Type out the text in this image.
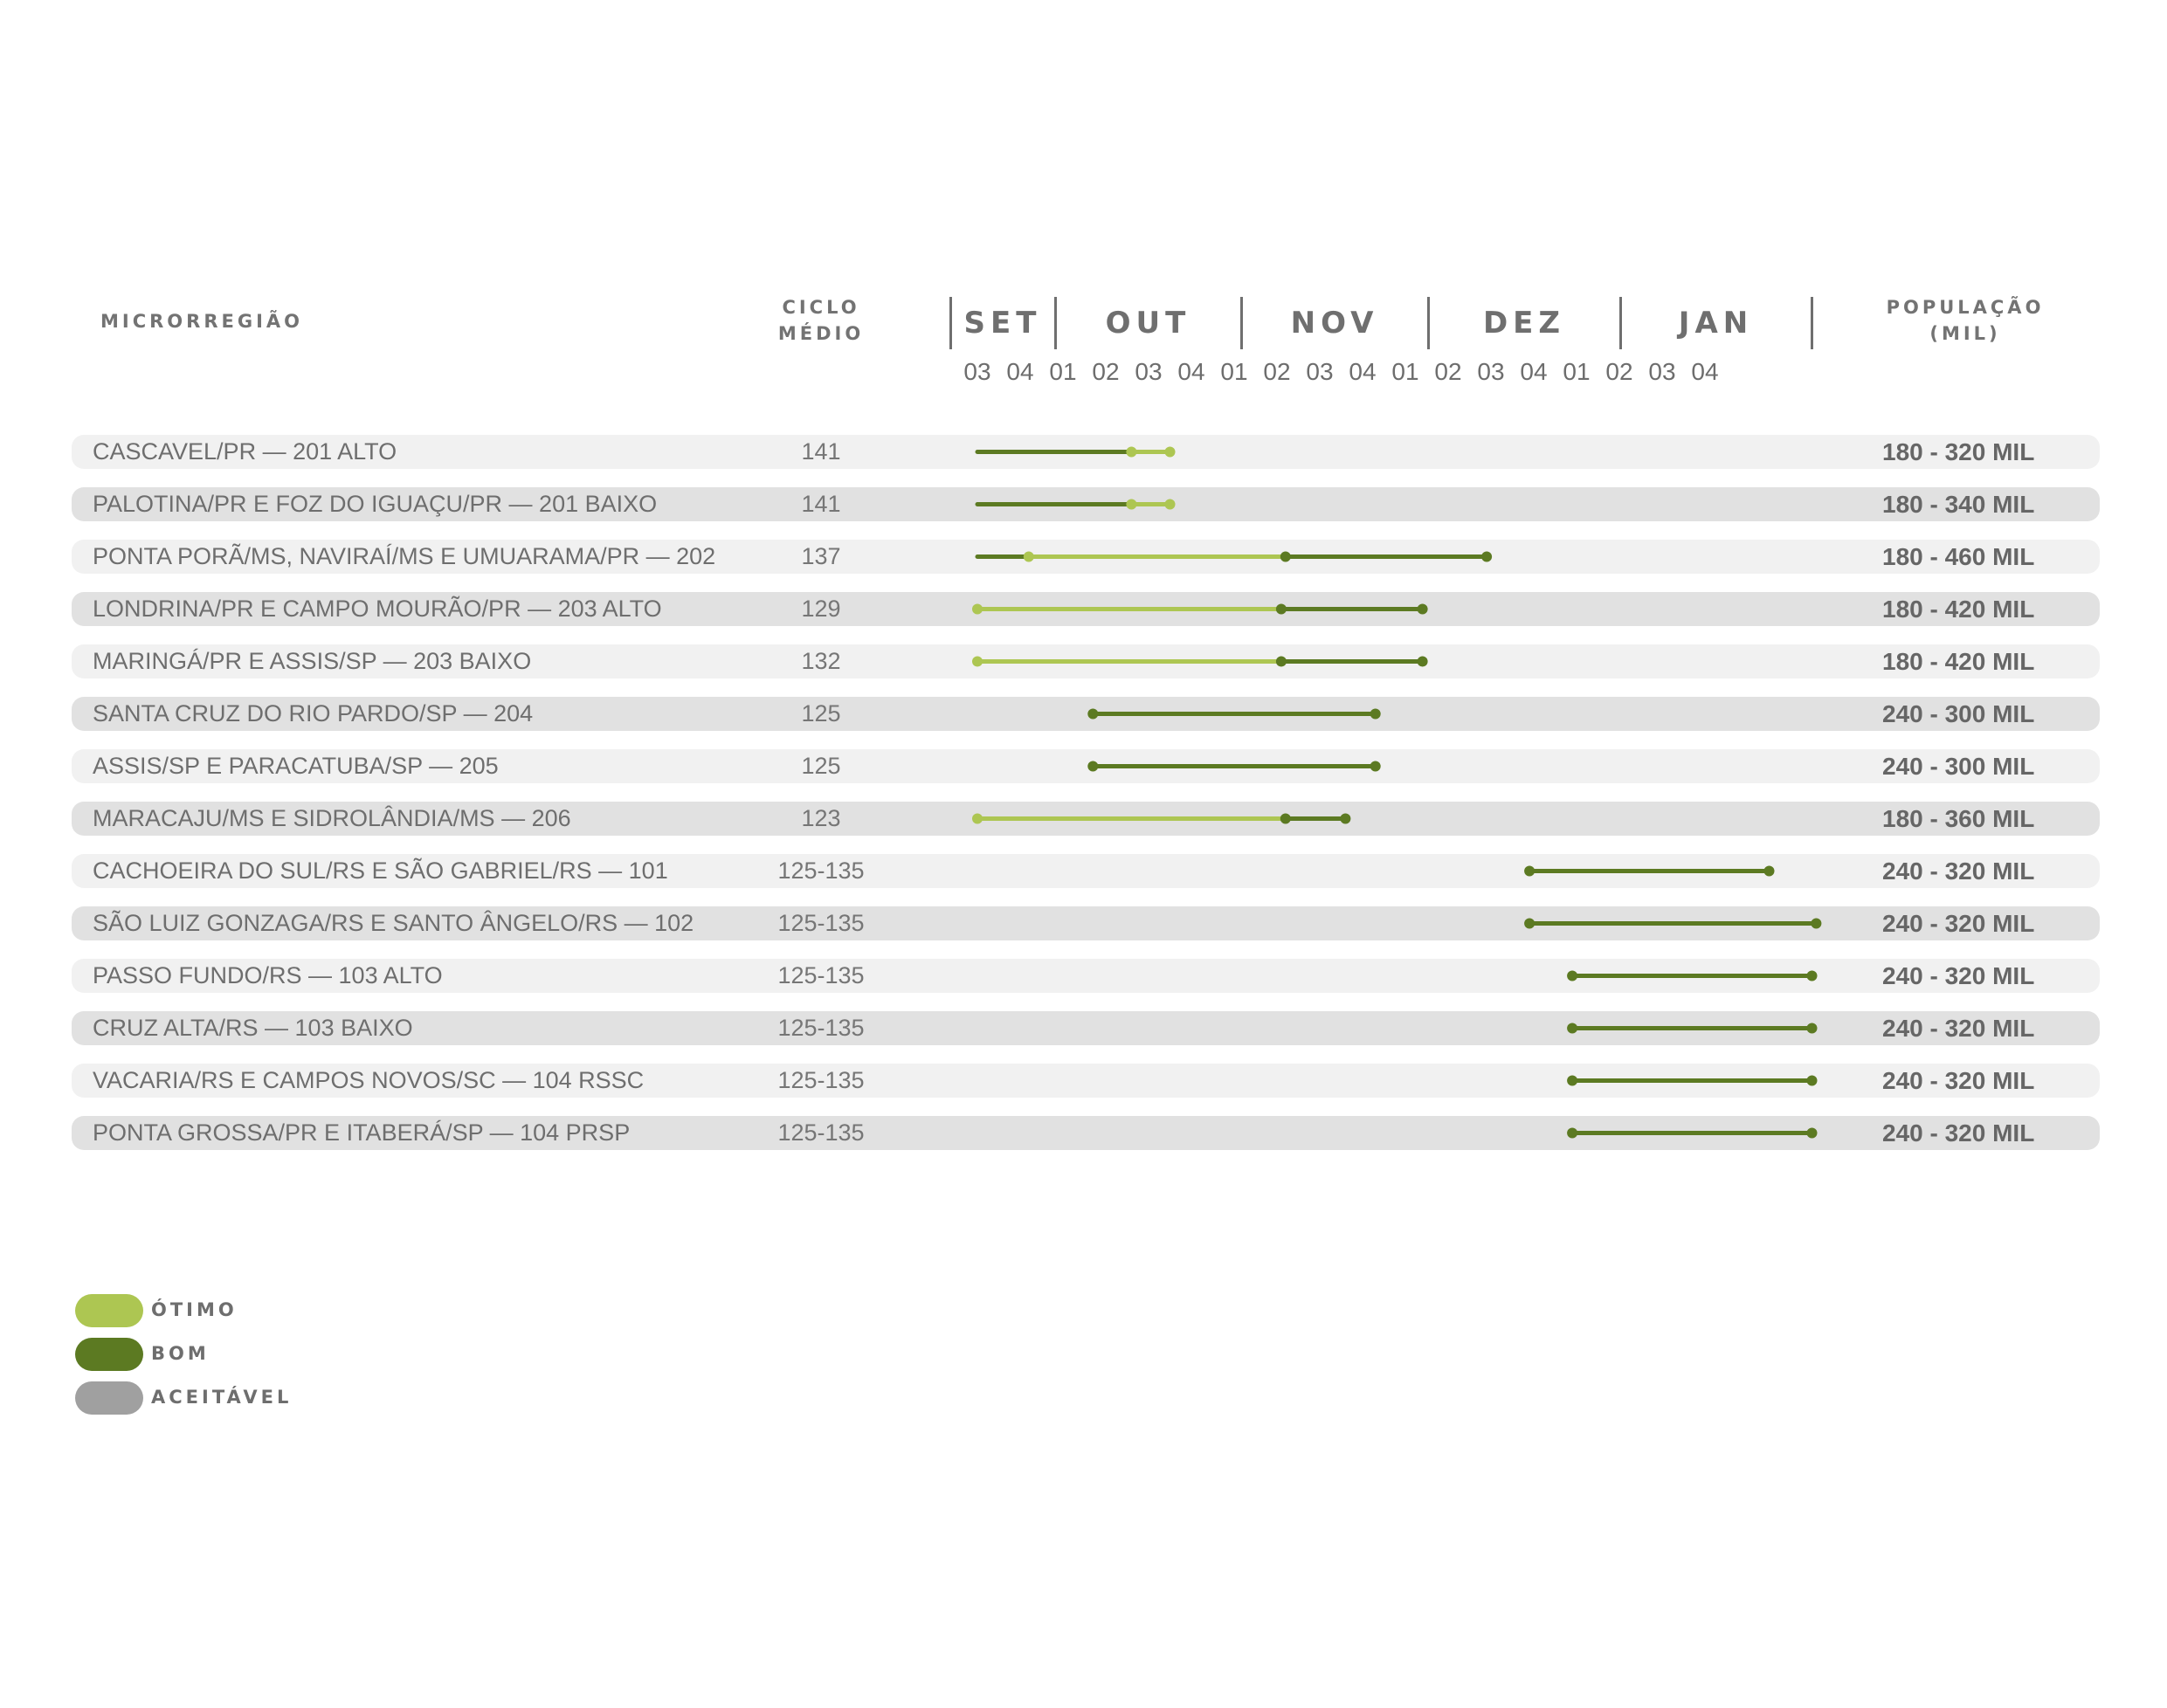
MICRORREGIÃO
CICLO
MÉDIO
POPULAÇÃO
(MIL)
SET
03 04
OUT
01 02 03 04
NOV
01 02 03 04
DEZ
01 02 03 04
JAN
01 02 03 04
CASCAVEL/PR — 201 ALTO	141	180 - 320 MIL
PALOTINA/PR E FOZ DO IGUAÇU/PR — 201 BAIXO	141	180 - 340 MIL
PONTA PORÃ/MS, NAVIRAÍ/MS E UMUARAMA/PR — 202	137	180 - 460 MIL
LONDRINA/PR E CAMPO MOURÃO/PR — 203 ALTO	129	180 - 420 MIL
MARINGÁ/PR E ASSIS/SP — 203 BAIXO	132	180 - 420 MIL
SANTA CRUZ DO RIO PARDO/SP — 204	125	240 - 300 MIL
ASSIS/SP E PARACATUBA/SP — 205	125	240 - 300 MIL
MARACAJU/MS E SIDROLÂNDIA/MS — 206	123	180 - 360 MIL
CACHOEIRA DO SUL/RS E SÃO GABRIEL/RS — 101	125-135	240 - 320 MIL
SÃO LUIZ GONZAGA/RS E SANTO ÂNGELO/RS — 102	125-135	240 - 320 MIL
PASSO FUNDO/RS — 103 ALTO	125-135	240 - 320 MIL
CRUZ ALTA/RS — 103 BAIXO	125-135	240 - 320 MIL
VACARIA/RS E CAMPOS NOVOS/SC — 104 RSSC	125-135	240 - 320 MIL
PONTA GROSSA/PR E ITABERÁ/SP — 104 PRSP	125-135	240 - 320 MIL
ÓTIMO
BOM
ACEITÁVEL
